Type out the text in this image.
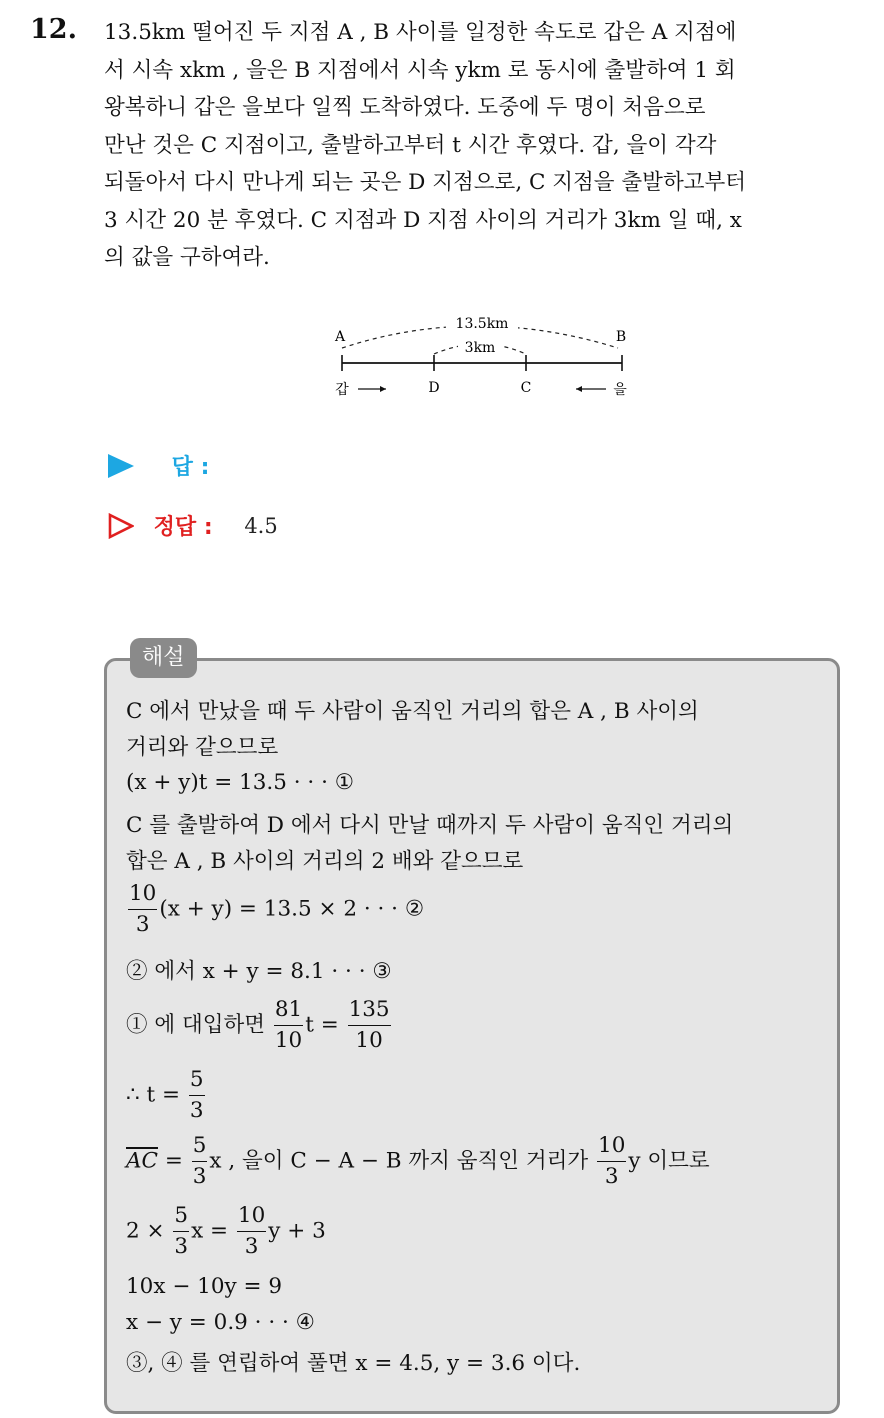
12. 13.5km 떨어진 두 지점 A , B 사이를 일정한 속도로 갑은 A 지점에
서 시속 xkm , 을은 B 지점에서 시속 ykm 로 동시에 출발하여 1 회
왕복하니 갑은 을보다 일찍 도착하였다. 도중에 두 명이 처음으로
만난 것은 C 지점이고, 출발하고부터 t 시간 후였다. 갑, 을이 각각
되돌아서 다시 만나게 되는 곳은 D 지점으로, C 지점을 출발하고부터
3 시간 20 분 후였다. C 지점과 D 지점 사이의 거리가 3km 일 때, x
의 값을 구하여라.
13.5km
3km
A	B
D	C
갑	을
답 :
정답 : 4.5
해설
C 에서 만났을 때 두 사람이 움직인 거리의 합은 A , B 사이의
거리와 같으므로
(x + y)t = 13.5 · · · ①
C 를 출발하여 D 에서 다시 만날 때까지 두 사람이 움직인 거리의
합은 A , B 사이의 거리의 2 배와 같으므로
$\frac{10}{3} (x + y) = 13.5 \times 2$ · · · ②
② 에서 x + y = 8.1 · · · ③
① 에 대입하면 $\frac{81}{10}$ $t = \frac{135}{10}$
∴ $t = \frac{5}{3}$
$\overline{AC} = \frac{5}{3}$ x , 을이 C − A − B 까지 움직인 거리가 $\frac{10}{3}$ y 이므로
$2 \times \frac{5}{3}$ $x = \frac{10}{3}$ y + 3
10x − 10y = 9
x − y = 0.9 · · · ④
③, ④ 를 연립하여 풀면 x = 4.5, y = 3.6 이다.
